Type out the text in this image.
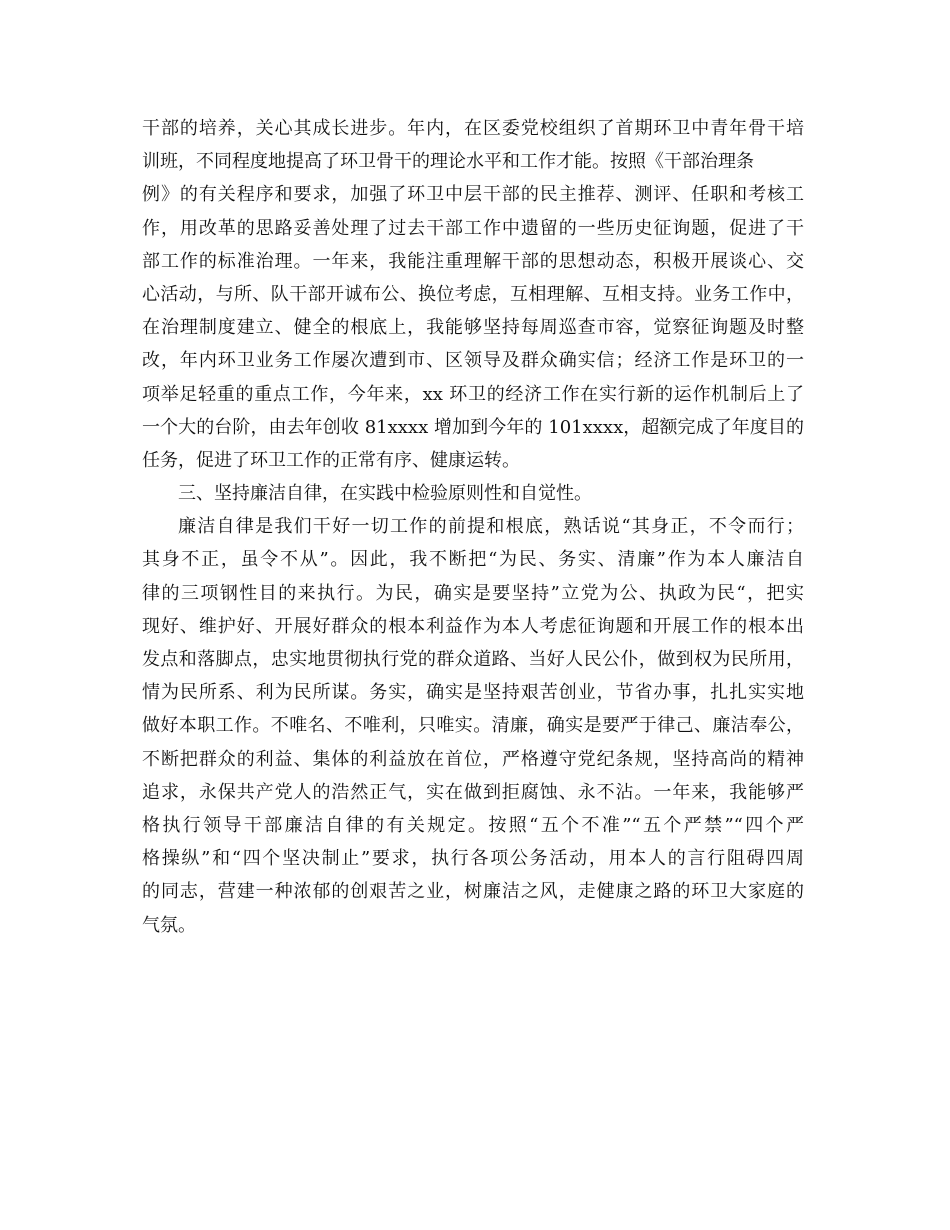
干部的培养，关心其成长进步。年内，在区委党校组织了首期环卫中青年骨干培
训班，不同程度地提高了环卫骨干的理论水平和工作才能。按照《干部治理条
例》的有关程序和要求，加强了环卫中层干部的民主推荐、测评、任职和考核工
作，用改革的思路妥善处理了过去干部工作中遗留的一些历史征询题，促进了干
部工作的标准治理。一年来，我能注重理解干部的思想动态，积极开展谈心、交
心活动，与所、队干部开诚布公、换位考虑，互相理解、互相支持。业务工作中，
在治理制度建立、健全的根底上，我能够坚持每周巡查市容，觉察征询题及时整
改，年内环卫业务工作屡次遭到市、区领导及群众确实信；经济工作是环卫的一
项举足轻重的重点工作，今年来，xx 环卫的经济工作在实行新的运作机制后上了
一个大的台阶，由去年创收 81xxxx 增加到今年的 101xxxx，超额完成了年度目的
任务，促进了环卫工作的正常有序、健康运转。
三、坚持廉洁自律，在实践中检验原则性和自觉性。
廉洁自律是我们干好一切工作的前提和根底，熟话说“其身正，不令而行；
其身不正，虽令不从”。因此，我不断把“为民、务实、清廉”作为本人廉洁自
律的三项钢性目的来执行。为民，确实是要坚持”立党为公、执政为民“，把实
现好、维护好、开展好群众的根本利益作为本人考虑征询题和开展工作的根本出
发点和落脚点，忠实地贯彻执行党的群众道路、当好人民公仆，做到权为民所用，
情为民所系、利为民所谋。务实，确实是坚持艰苦创业，节省办事，扎扎实实地
做好本职工作。不唯名、不唯利，只唯实。清廉，确实是要严于律己、廉洁奉公，
不断把群众的利益、集体的利益放在首位，严格遵守党纪条规，坚持高尚的精神
追求，永保共产党人的浩然正气，实在做到拒腐蚀、永不沾。一年来，我能够严
格执行领导干部廉洁自律的有关规定。按照“五个不准”“五个严禁”“四个严
格操纵”和“四个坚决制止”要求，执行各项公务活动，用本人的言行阻碍四周
的同志，营建一种浓郁的创艰苦之业，树廉洁之风，走健康之路的环卫大家庭的
气氛。
